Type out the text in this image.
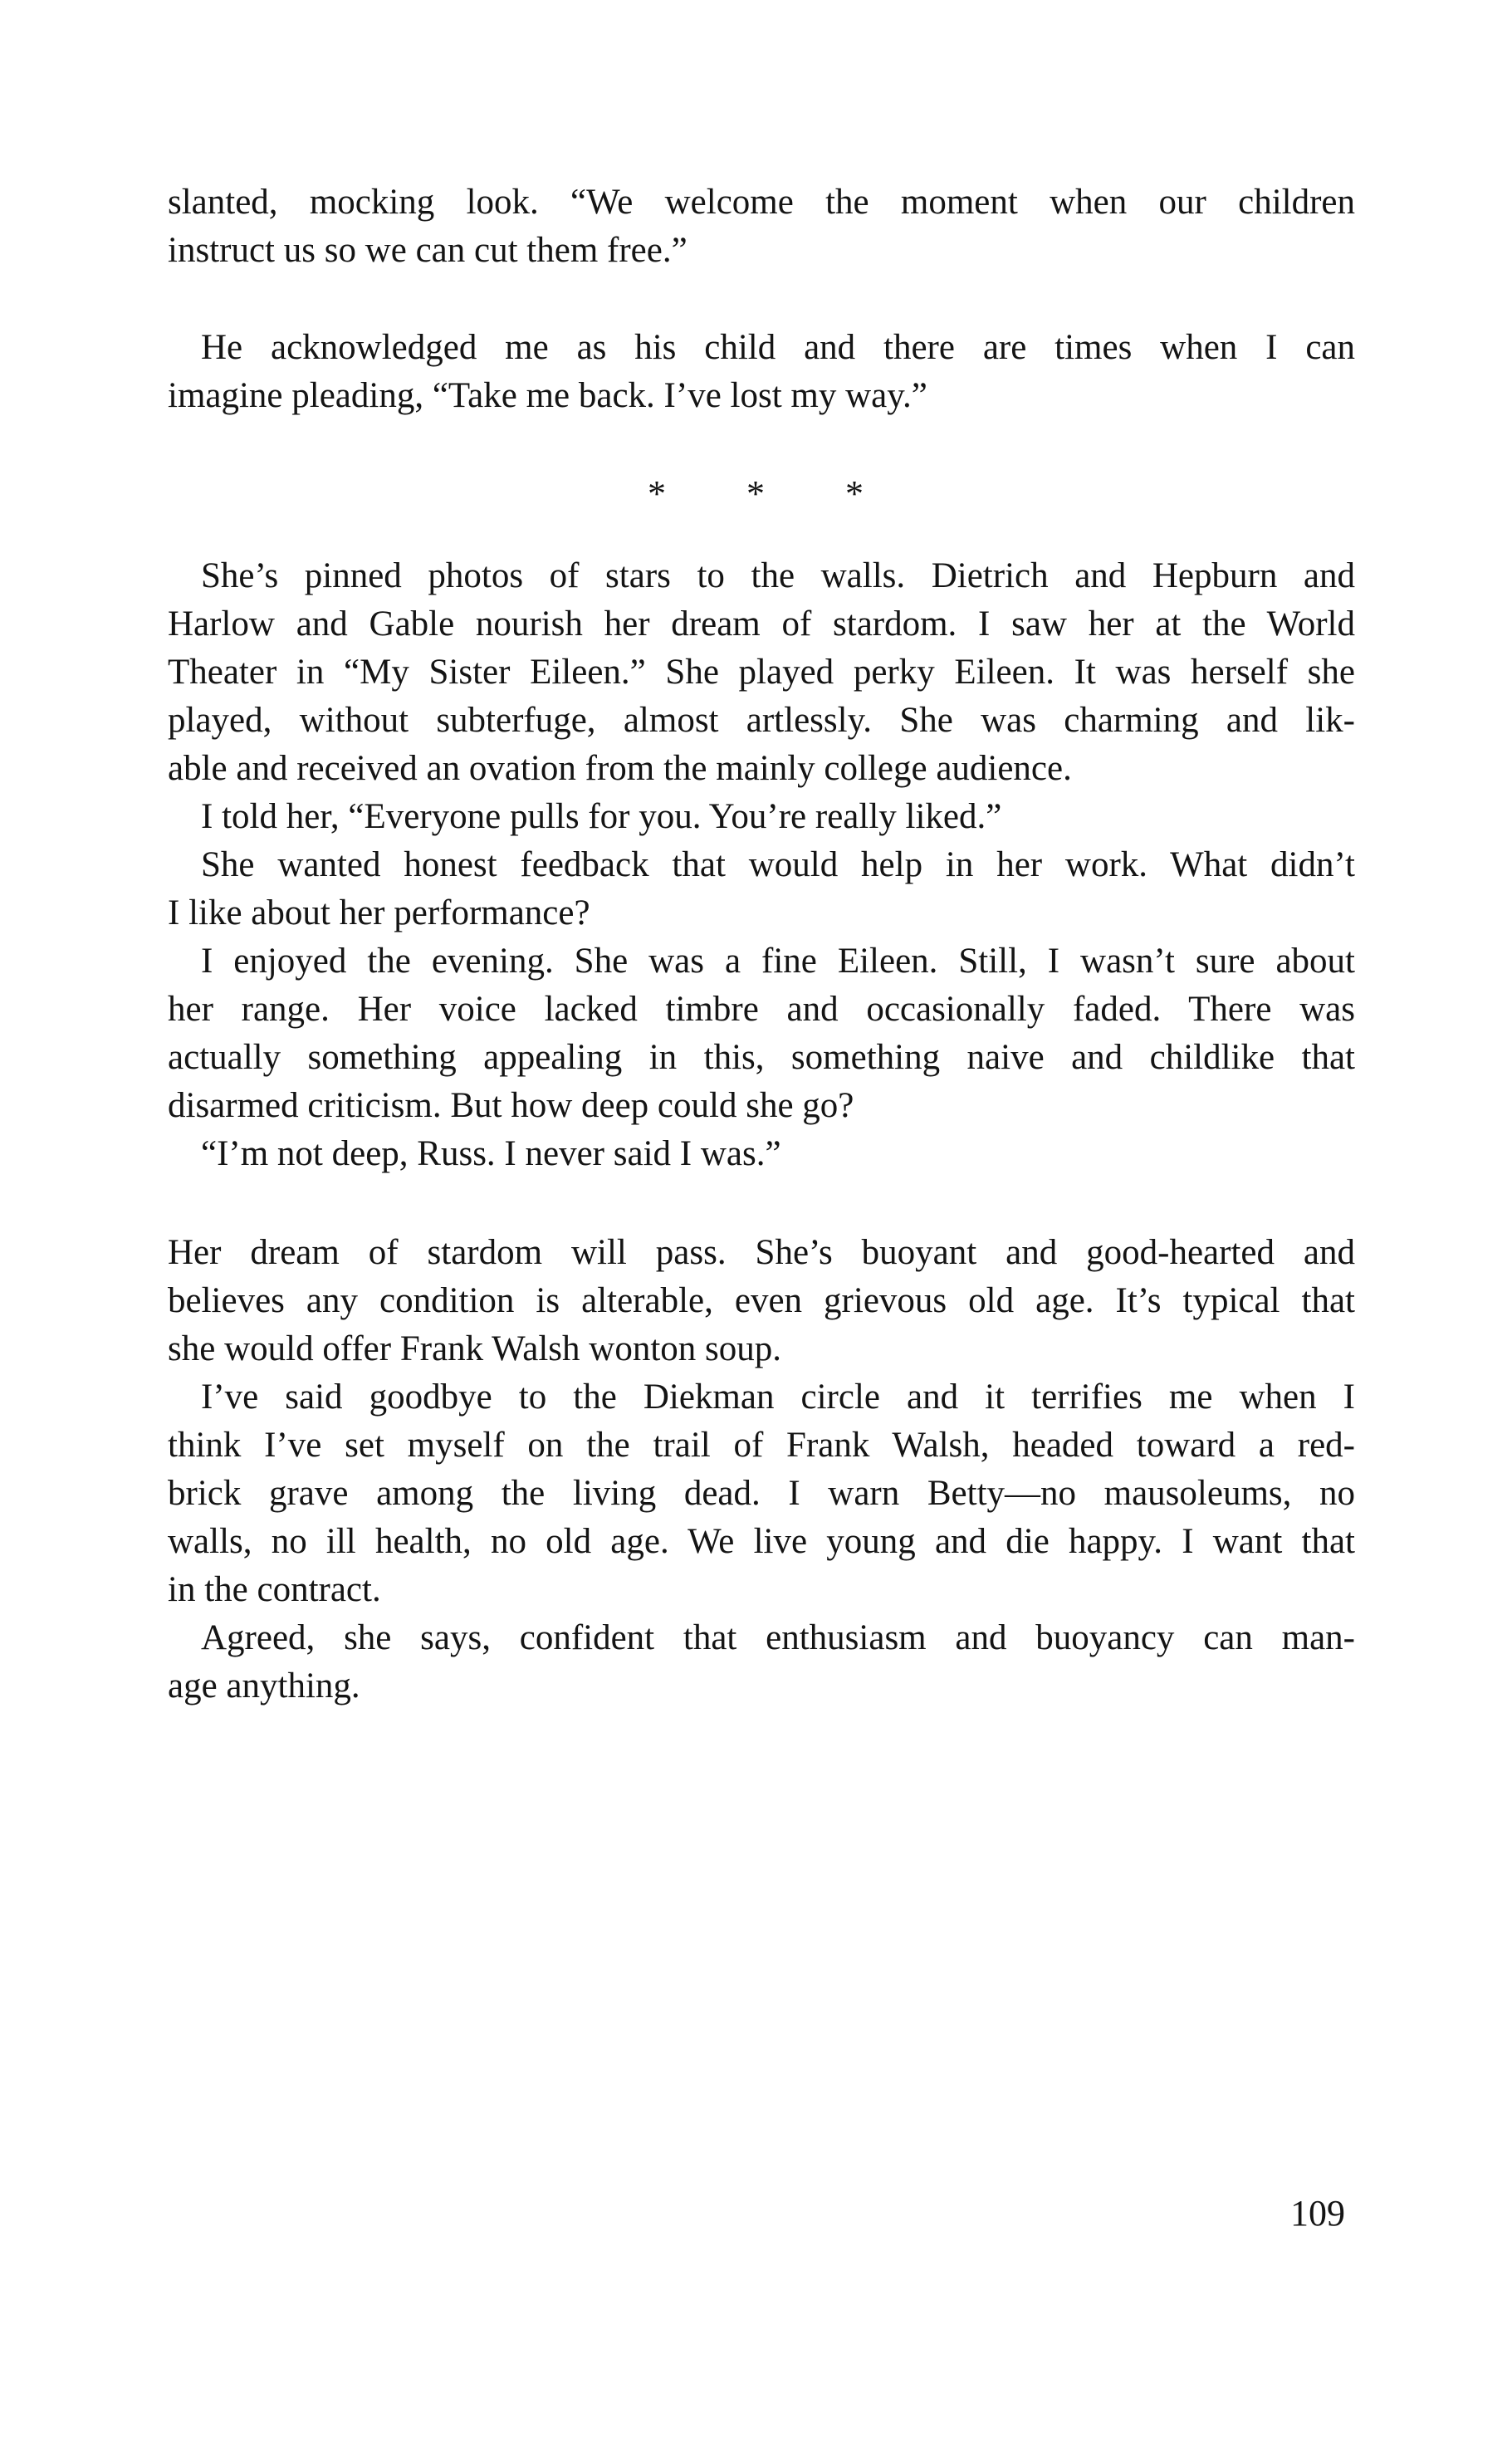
slanted, mocking look. “We welcome the moment when our children
instruct us so we can cut them free.”
He acknowledged me as his child and there are times when I can
imagine pleading, “Take me back. I’ve lost my way.”
* * *
She’s pinned photos of stars to the walls. Dietrich and Hepburn and
Harlow and Gable nourish her dream of stardom. I saw her at the World
Theater in “My Sister Eileen.” She played perky Eileen. It was herself she
played, without subterfuge, almost artlessly. She was charming and lik-
able and received an ovation from the mainly college audience.
I told her, “Everyone pulls for you. You’re really liked.”
She wanted honest feedback that would help in her work. What didn’t
I like about her performance?
I enjoyed the evening. She was a fine Eileen. Still, I wasn’t sure about
her range. Her voice lacked timbre and occasionally faded. There was
actually something appealing in this, something naive and childlike that
disarmed criticism. But how deep could she go?
“I’m not deep, Russ. I never said I was.”
Her dream of stardom will pass. She’s buoyant and good-hearted and
believes any condition is alterable, even grievous old age. It’s typical that
she would offer Frank Walsh wonton soup.
I’ve said goodbye to the Diekman circle and it terrifies me when I
think I’ve set myself on the trail of Frank Walsh, headed toward a red-
brick grave among the living dead. I warn Betty—no mausoleums, no
walls, no ill health, no old age. We live young and die happy. I want that
in the contract.
Agreed, she says, confident that enthusiasm and buoyancy can man-
age anything.
109
